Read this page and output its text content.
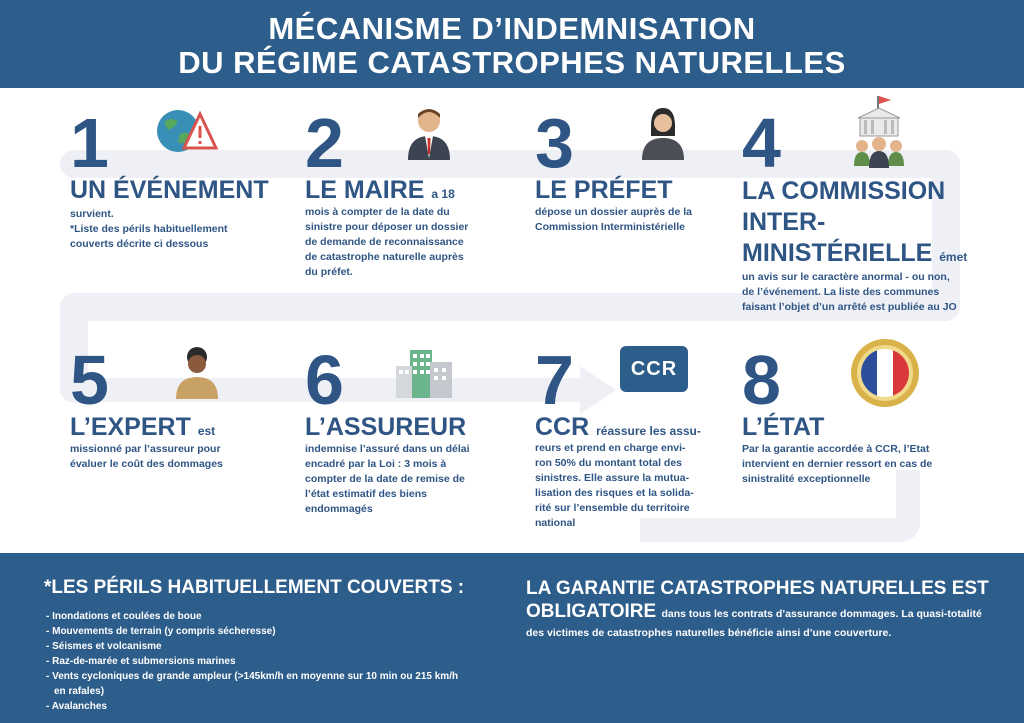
MÉCANISME D’INDEMNISATION
DU RÉGIME CATASTROPHES NATURELLES
1
UN ÉVÉNEMENT
survient.
*Liste des périls habituellement couverts décrite ci dessous
2
LE MAIRE a 18
mois à compter de la date du sinistre pour déposer un dossier de demande de reconnaissance de catastrophe naturelle auprès du préfet.
3
LE PRÉFET
dépose un dossier auprès de la Commission Interministérielle
4
LA COMMISSION
INTER-
MINISTÉRIELLE émet
un avis sur le caractère anormal - ou non, de l’événement. La liste des communes faisant l’objet d’un arrêté est publiée au JO
5
L’EXPERT est
missionné par l’assureur pour évaluer le coût des dommages
6
L’ASSUREUR
indemnise l’assuré dans un délai encadré par la Loi : 3 mois à compter de la date de remise de l’état estimatif des biens endommagés
7	CCR
CCR réassure les assu-
reurs et prend en charge envi-
ron 50% du montant total des sinistres. Elle assure la mutua-lisation des risques et la solida-rité sur l’ensemble du territoire national
8
L’ÉTAT
Par la garantie accordée à CCR, l’Etat intervient en dernier ressort en cas de sinistralité exceptionnelle
*LES PÉRILS HABITUELLEMENT COUVERTS :
- Inondations et coulées de boue
- Mouvements de terrain (y compris sécheresse)
- Séismes et volcanisme
- Raz-de-marée et submersions marines
- Vents cycloniques de grande ampleur (>145km/h en moyenne sur 10 min ou 215 km/h
en rafales)
- Avalanches
LA GARANTIE CATASTROPHES NATURELLES EST OBLIGATOIRE dans tous les contrats d’assurance dommages. La quasi-totalité
des victimes de catastrophes naturelles bénéficie ainsi d’une couverture.
